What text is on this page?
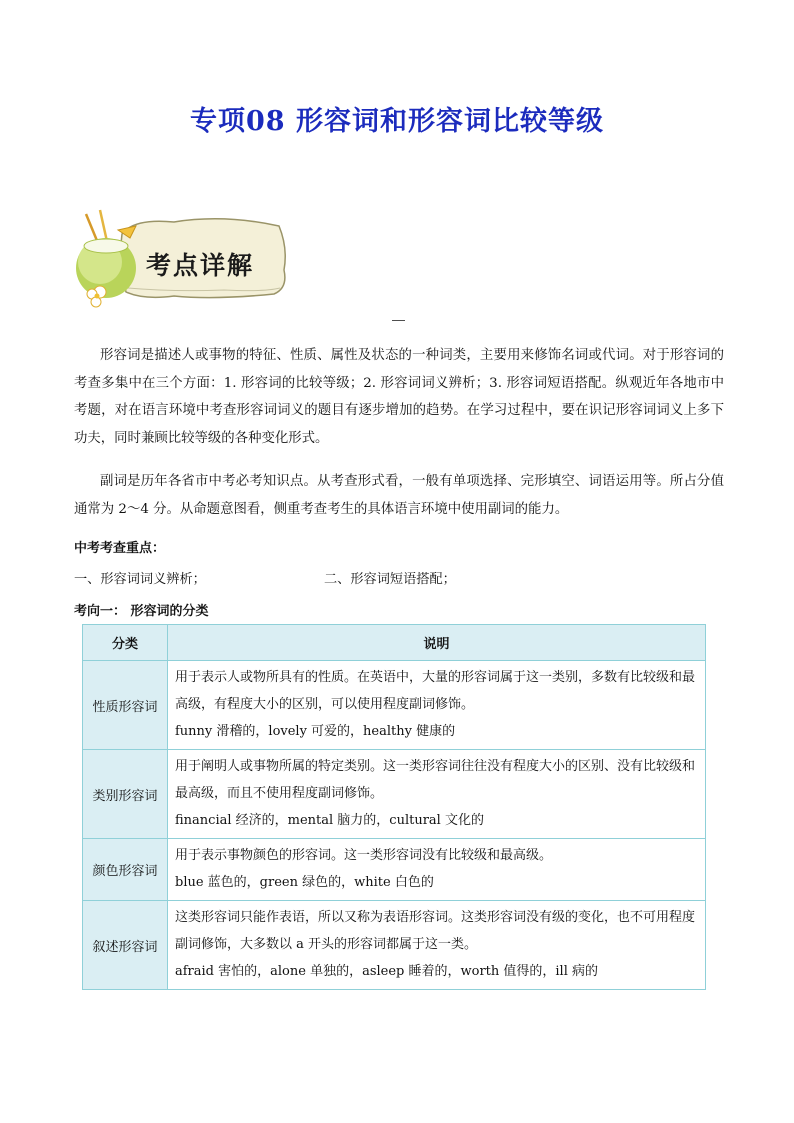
专项08 形容词和形容词比较等级
考点详解
—

形容词是描述人或事物的特征、性质、属性及状态的一种词类，主要用来修饰名词或代词。对于形容词的考查多集中在三个方面：1. 形容词的比较等级；2. 形容词词义辨析；3. 形容词短语搭配。纵观近年各地市中考题，对在语言环境中考查形容词词义的题目有逐步增加的趋势。在学习过程中，要在识记形容词词义上多下功夫，同时兼顾比较等级的各种变化形式。

副词是历年各省市中考必考知识点。从考查形式看，一般有单项选择、完形填空、词语运用等。所占分值通常为 2～4 分。从命题意图看，侧重考查考生的具体语言环境中使用副词的能力。

中考考查重点：
一、形容词词义辨析；	二、形容词短语搭配；
考向一： 形容词的分类
分类	说明
性质形容词	用于表示人或物所具有的性质。在英语中，大量的形容词属于这一类别，多数有比较级和最高级，有程度大小的区别，可以使用程度副词修饰。
funny 滑稽的，lovely 可爱的，healthy 健康的

类别形容词	用于阐明人或事物所属的特定类别。这一类形容词往往没有程度大小的区别、没有比较级和最高级，而且不使用程度副词修饰。
financial 经济的，mental 脑力的，cultural 文化的

颜色形容词	用于表示事物颜色的形容词。这一类形容词没有比较级和最高级。
blue 蓝色的，green 绿色的，white 白色的

叙述形容词	这类形容词只能作表语，所以又称为表语形容词。这类形容词没有级的变化，也不可用程度副词修饰，大多数以 a 开头的形容词都属于这一类。
afraid 害怕的，alone 单独的，asleep 睡着的，worth 值得的，ill 病的
